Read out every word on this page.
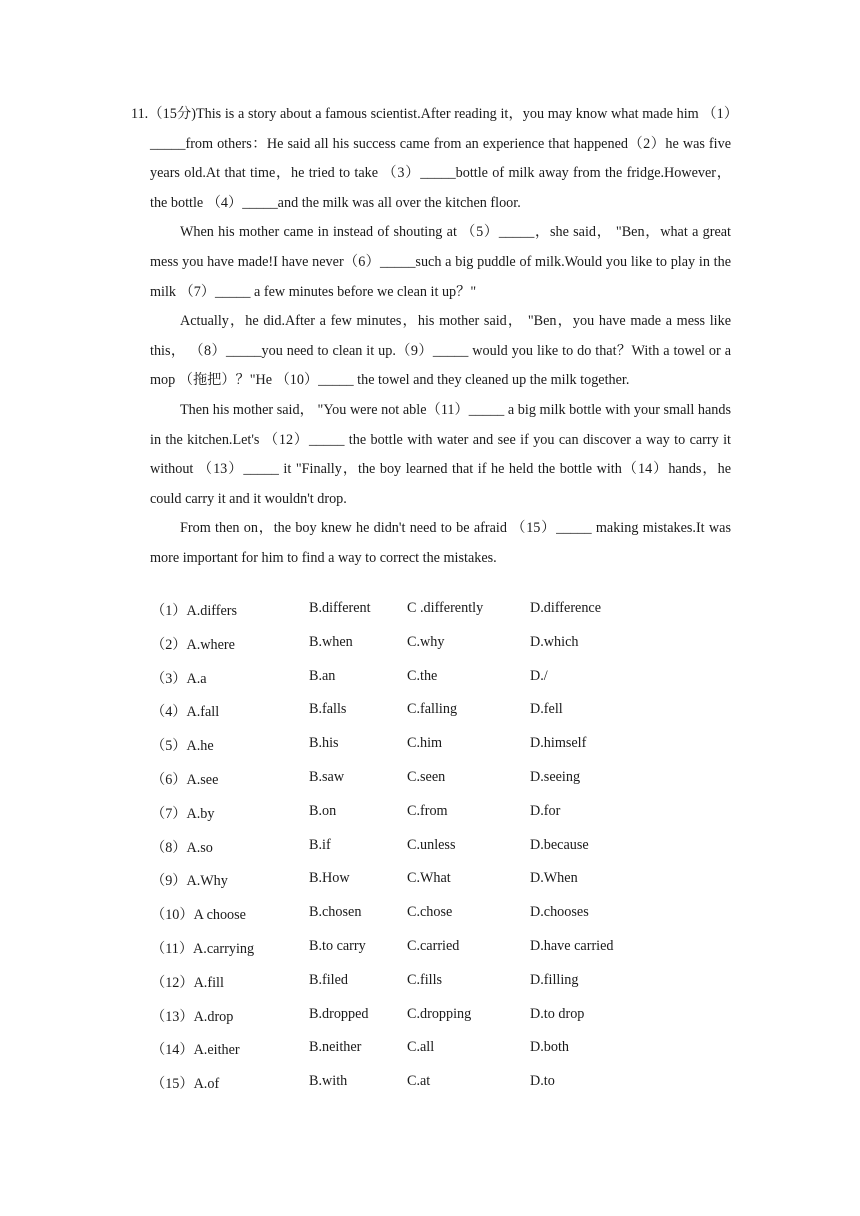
11.（15分)This is a story about a famous scientist.After reading it，you may know what made him （1）_____from others：He said all his success came from an experience that happened（2）he was five years old.At that time，he tried to take （3）_____bottle of milk away from the fridge.However，the bottle （4）_____and the milk was all over the kitchen floor.

When his mother came in instead of shouting at （5）_____，she said， "Ben，what a great mess you have made!I have never（6）_____such a big puddle of milk.Would you like to play in the milk （7）_____ a few minutes before we clean it up？"

Actually，he did.After a few minutes，his mother said， "Ben，you have made a mess like this， （8）_____you need to clean it up.（9）_____ would you like to do that？With a towel or a mop （拖把）？"He （10）_____ the towel and they cleaned up the milk together.

Then his mother said， "You were not able（11）_____ a big milk bottle with your small hands in the kitchen.Let's （12）_____ the bottle with water and see if you can discover a way to carry it without （13）_____ it "Finally，the boy learned that if he held the bottle with（14）hands，he could carry it and it wouldn't drop.

From then on，the boy knew he didn't need to be afraid （15）_____ making mistakes.It was more important for him to find a way to correct the mistakes.

（1）A.differs	B.different	C .differently	D.difference
（2）A.where	B.when	C.why	D.which
（3）A.a	B.an	C.the	D./
（4）A.fall	B.falls	C.falling	D.fell
（5）A.he	B.his	C.him	D.himself
（6）A.see	B.saw	C.seen	D.seeing
（7）A.by	B.on	C.from	D.for
（8）A.so	B.if	C.unless	D.because
（9）A.Why	B.How	C.What	D.When
（10）A choose	B.chosen	C.chose	D.chooses
（11）A.carrying	B.to carry	C.carried	D.have carried
（12）A.fill	B.filed	C.fills	D.filling
（13）A.drop	B.dropped	C.dropping	D.to drop
（14）A.either	B.neither	C.all	D.both
（15）A.of	B.with	C.at	D.to
